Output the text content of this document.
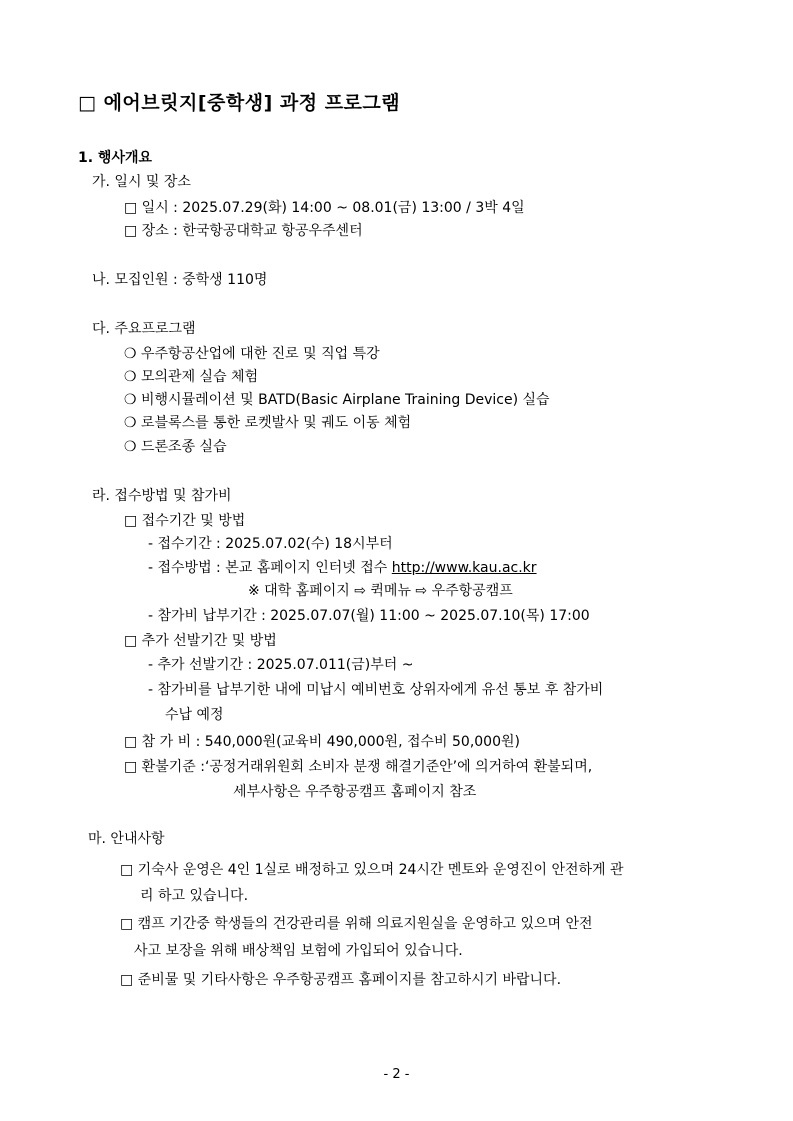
□ 에어브릿지[중학생] 과정 프로그램
1. 행사개요
가. 일시 및 장소
□ 일시 : 2025.07.29(화) 14:00 ~ 08.01(금) 13:00 / 3박 4일
□ 장소 : 한국항공대학교 항공우주센터
나. 모집인원 : 중학생 110명
다. 주요프로그램
❍ 우주항공산업에 대한 진로 및 직업 특강
❍ 모의관제 실습 체험
❍ 비행시뮬레이션 및 BATD(Basic Airplane Training Device) 실습
❍ 로블록스를 통한 로켓발사 및 궤도 이동 체험
❍ 드론조종 실습
라. 접수방법 및 참가비
□ 접수기간 및 방법
- 접수기간 : 2025.07.02(수) 18시부터
- 접수방법 : 본교 홈페이지 인터넷 접수 http://www.kau.ac.kr
※ 대학 홈페이지 ⇨ 퀵메뉴 ⇨ 우주항공캠프
- 참가비 납부기간 : 2025.07.07(월) 11:00 ~ 2025.07.10(목) 17:00
□ 추가 선발기간 및 방법
- 추가 선발기간 : 2025.07.011(금)부터 ~
- 참가비를 납부기한 내에 미납시 예비번호 상위자에게 유선 통보 후 참가비
수납 예정
□ 참 가 비 : 540,000원(교육비 490,000원, 접수비 50,000원)
□ 환불기준 :‘공정거래위원회 소비자 분쟁 해결기준안’에 의거하여 환불되며,
세부사항은 우주항공캠프 홈페이지 참조
마. 안내사항
□ 기숙사 운영은 4인 1실로 배정하고 있으며 24시간 멘토와 운영진이 안전하게 관
리 하고 있습니다.
□ 캠프 기간중 학생들의 건강관리를 위해 의료지원실을 운영하고 있으며 안전
사고 보장을 위해 배상책임 보험에 가입되어 있습니다.
□ 준비물 및 기타사항은 우주항공캠프 홈페이지를 참고하시기 바랍니다.
- 2 -
